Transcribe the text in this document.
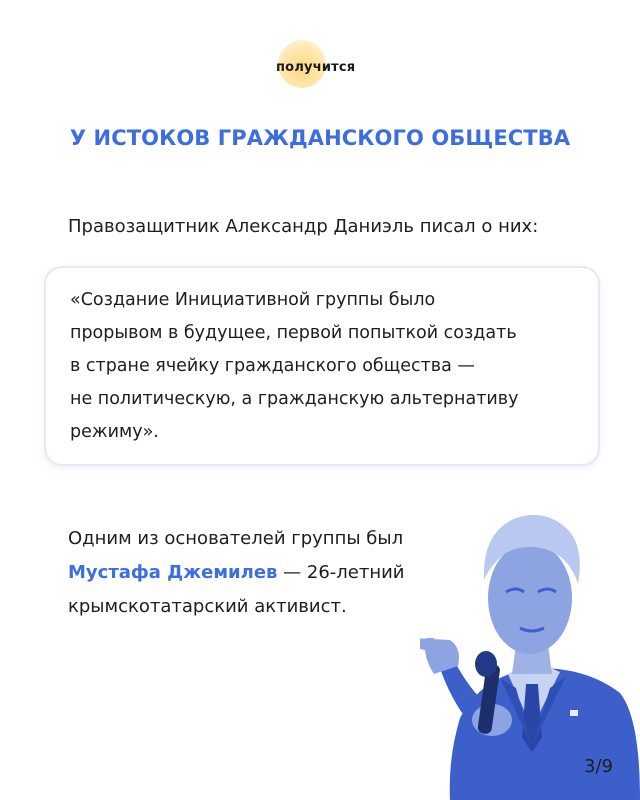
получится
У ИСТОКОВ ГРАЖДАНСКОГО ОБЩЕСТВА
Правозащитник Александр Даниэль писал о них:
«Создание Инициативной группы было
прорывом в будущее, первой попыткой создать
в стране ячейку гражданского общества —
не политическую, а гражданскую альтернативу
режиму».
Одним из основателей группы был
Мустафа Джемилев — 26-летний
крымскотатарский активист.
3/9
